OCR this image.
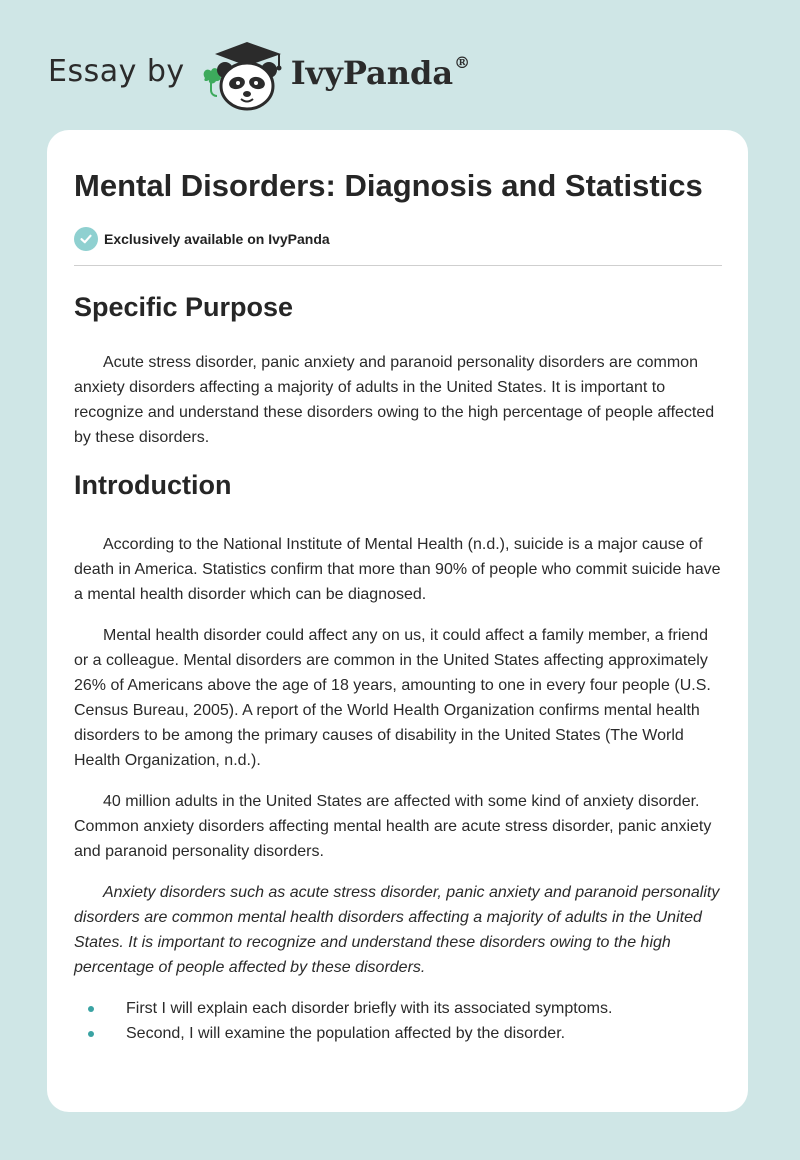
Essay by	IvyPanda®
Mental Disorders: Diagnosis and Statistics
Exclusively available on IvyPanda
Specific Purpose

Acute stress disorder, panic anxiety and paranoid personality disorders are common anxiety disorders affecting a majority of adults in the United States. It is important to recognize and understand these disorders owing to the high percentage of people affected by these disorders.

Introduction

According to the National Institute of Mental Health (n.d.), suicide is a major cause of death in America. Statistics confirm that more than 90% of people who commit suicide have a mental health disorder which can be diagnosed.

Mental health disorder could affect any on us, it could affect a family member, a friend or a colleague. Mental disorders are common in the United States affecting approximately 26% of Americans above the age of 18 years, amounting to one in every four people (U.S. Census Bureau, 2005). A report of the World Health Organization confirms mental health disorders to be among the primary causes of disability in the United States (The World Health Organization, n.d.).

40 million adults in the United States are affected with some kind of anxiety disorder. Common anxiety disorders affecting mental health are acute stress disorder, panic anxiety and paranoid personality disorders.

Anxiety disorders such as acute stress disorder, panic anxiety and paranoid personality disorders are common mental health disorders affecting a majority of adults in the United States. It is important to recognize and understand these disorders owing to the high percentage of people affected by these disorders.

First I will explain each disorder briefly with its associated symptoms.
Second, I will examine the population affected by the disorder.
